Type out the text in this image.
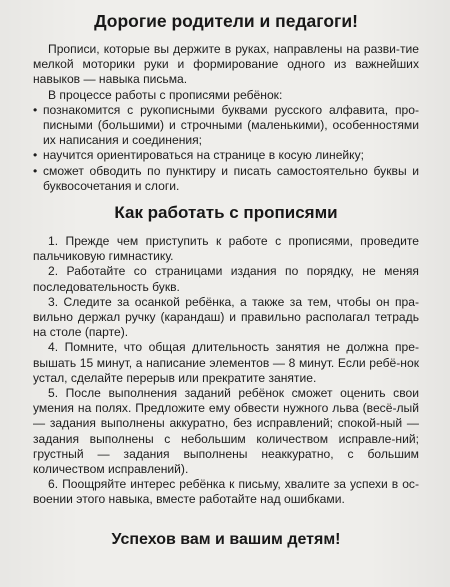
Дорогие родители и педагоги!

Прописи, которые вы держите в руках, направлены на разви-тие мелкой моторики руки и формирование одного из важнейших навыков — навыка письма.

В процессе работы с прописями ребёнок:

• познакомится с рукописными буквами русского алфавита, про-писными (большими) и строчными (маленькими), особенностями их написания и соединения;

• научится ориентироваться на странице в косую линейку;

• сможет обводить по пунктиру и писать самостоятельно буквы и буквосочетания и слоги.

Как работать с прописями

1. Прежде чем приступить к работе с прописями, проведите пальчиковую гимнастику.

2. Работайте со страницами издания по порядку, не меняя последовательность букв.

3. Следите за осанкой ребёнка, а также за тем, чтобы он пра-вильно держал ручку (карандаш) и правильно располагал тетрадь на столе (парте).

4. Помните, что общая длительность занятия не должна пре-вышать 15 минут, а написание элементов — 8 минут. Если ребё-нок устал, сделайте перерыв или прекратите занятие.

5. После выполнения заданий ребёнок сможет оценить свои умения на полях. Предложите ему обвести нужного льва (весё-лый — задания выполнены аккуратно, без исправлений; спокой-ный — задания выполнены с небольшим количеством исправле-ний; грустный — задания выполнены неаккуратно, с большим количеством исправлений).

6. Поощряйте интерес ребёнка к письму, хвалите за успехи в ос-воении этого навыка, вместе работайте над ошибками.

Успехов вам и вашим детям!
